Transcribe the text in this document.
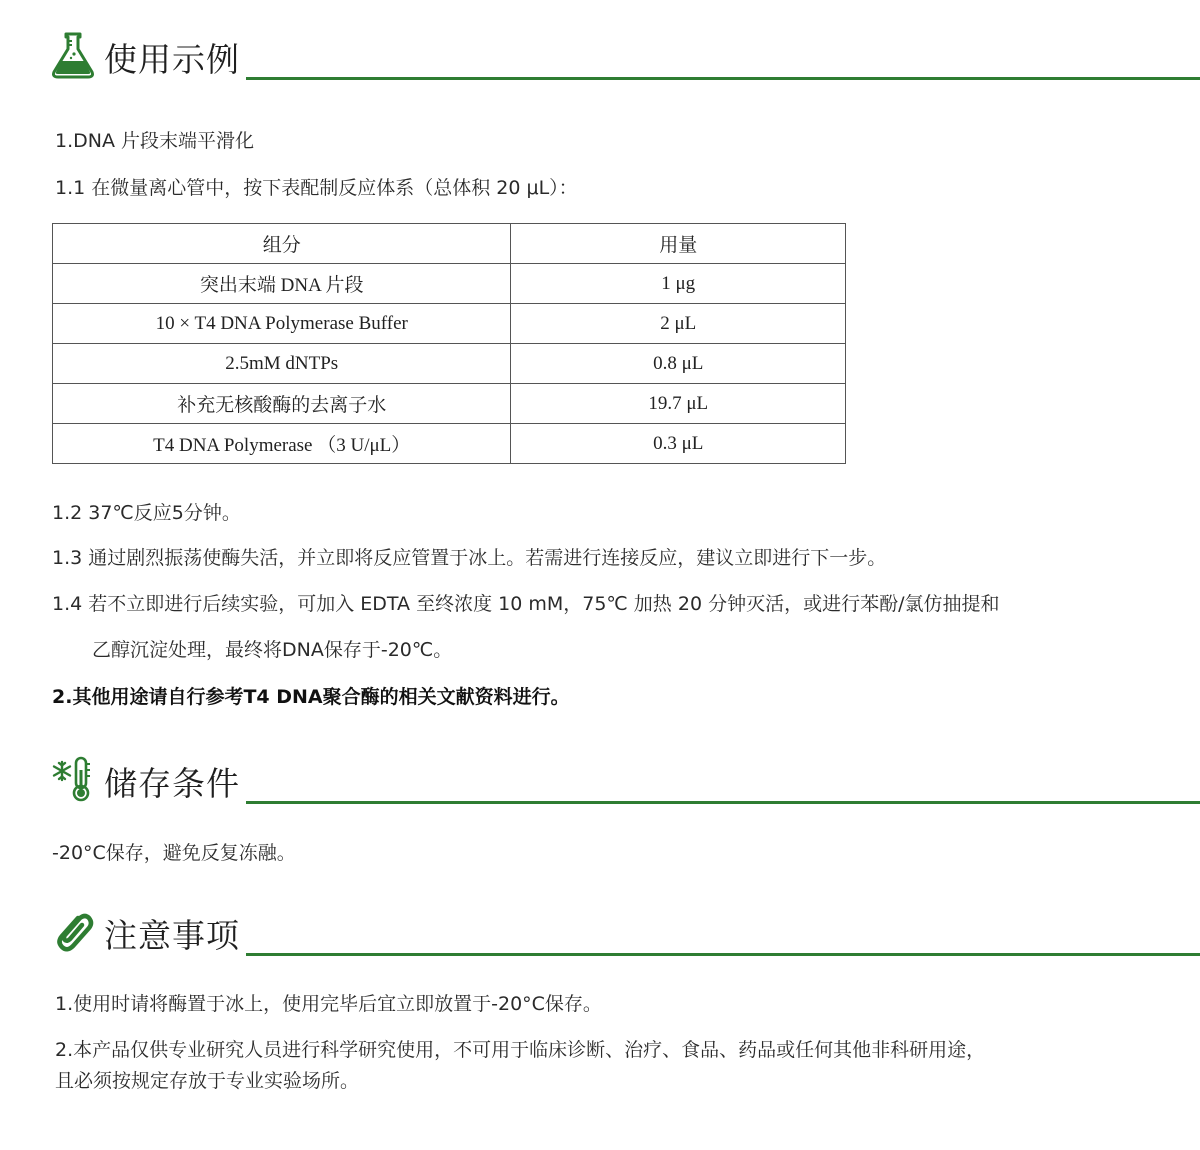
使用示例
1.DNA 片段末端平滑化
1.1 在微量离心管中，按下表配制反应体系（总体积 20 μL）：
组分	用量
突出末端 DNA 片段	1 μg
10 × T4 DNA Polymerase Buffer	2 μL
2.5mM dNTPs	0.8 μL
补充无核酸酶的去离子水	19.7 μL
T4 DNA Polymerase （3 U/μL）	0.3 μL
1.2 37℃反应5分钟。
1.3 通过剧烈振荡使酶失活，并立即将反应管置于冰上。若需进行连接反应，建议立即进行下一步。
1.4 若不立即进行后续实验，可加入 EDTA 至终浓度 10 mM，75℃ 加热 20 分钟灭活，或进行苯酚/氯仿抽提和
乙醇沉淀处理，最终将DNA保存于-20℃。
2.其他用途请自行参考T4 DNA聚合酶的相关文献资料进行。
储存条件
-20°C保存，避免反复冻融。
注意事项
1.使用时请将酶置于冰上，使用完毕后宜立即放置于-20°C保存。
2.本产品仅供专业研究人员进行科学研究使用，不可用于临床诊断、治疗、食品、药品或任何其他非科研用途，
且必须按规定存放于专业实验场所。
